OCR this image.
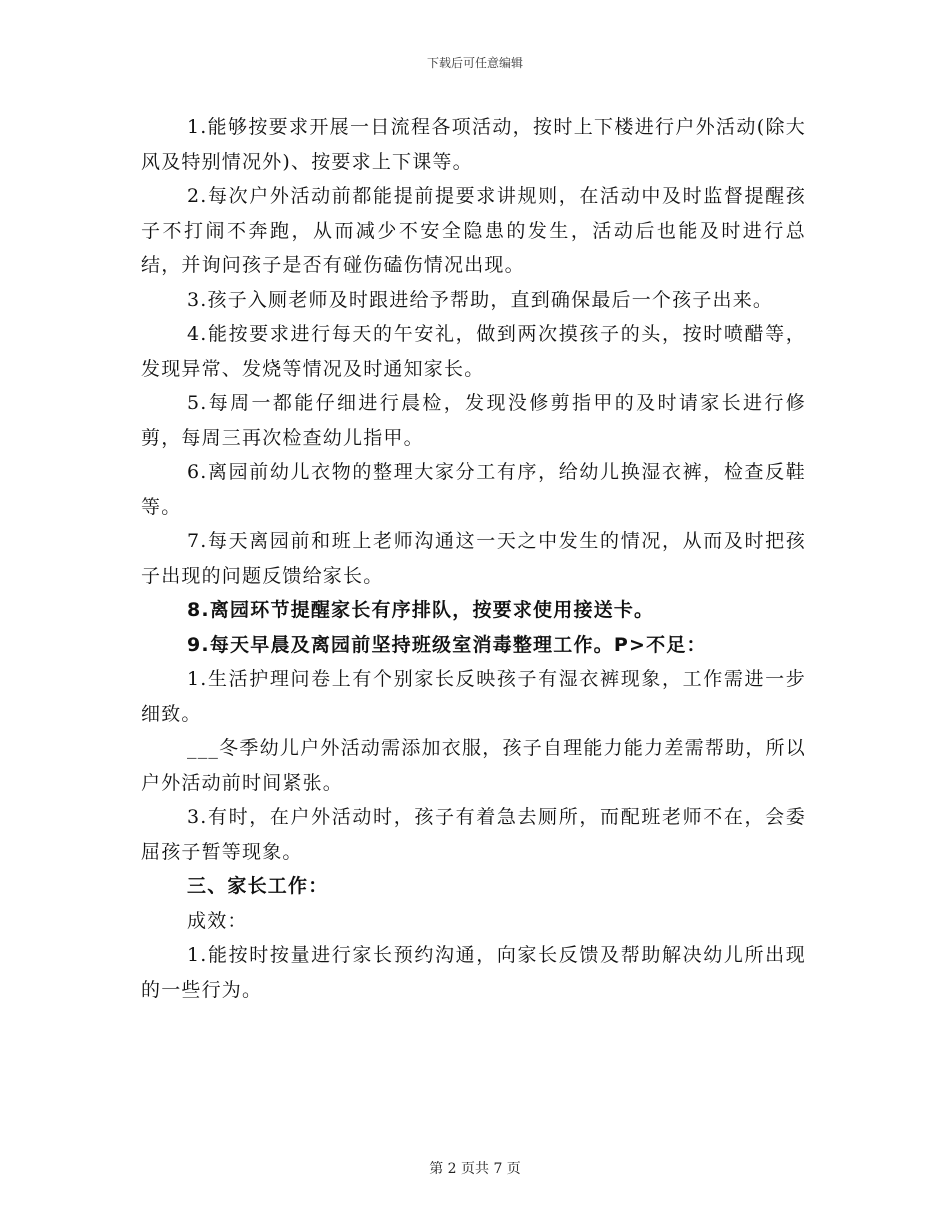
下载后可任意编辑

1.能够按要求开展一日流程各项活动，按时上下楼进行户外活动(除大风及特别情况外)、按要求上下课等。

2.每次户外活动前都能提前提要求讲规则，在活动中及时监督提醒孩子不打闹不奔跑，从而减少不安全隐患的发生，活动后也能及时进行总结，并询问孩子是否有碰伤磕伤情况出现。

3.孩子入厕老师及时跟进给予帮助，直到确保最后一个孩子出来。

4.能按要求进行每天的午安礼，做到两次摸孩子的头，按时喷醋等，发现异常、发烧等情况及时通知家长。

5.每周一都能仔细进行晨检，发现没修剪指甲的及时请家长进行修剪，每周三再次检查幼儿指甲。

6.离园前幼儿衣物的整理大家分工有序，给幼儿换湿衣裤，检查反鞋等。

7.每天离园前和班上老师沟通这一天之中发生的情况，从而及时把孩子出现的问题反馈给家长。

8.离园环节提醒家长有序排队，按要求使用接送卡。

9.每天早晨及离园前坚持班级室消毒整理工作。P>不足：

1.生活护理问卷上有个别家长反映孩子有湿衣裤现象，工作需进一步细致。

___冬季幼儿户外活动需添加衣服，孩子自理能力能力差需帮助，所以户外活动前时间紧张。

3.有时，在户外活动时，孩子有着急去厕所，而配班老师不在，会委屈孩子暂等现象。

三、家长工作：

成效：

1.能按时按量进行家长预约沟通，向家长反馈及帮助解决幼儿所出现的一些行为。

第 2 页共 7 页
